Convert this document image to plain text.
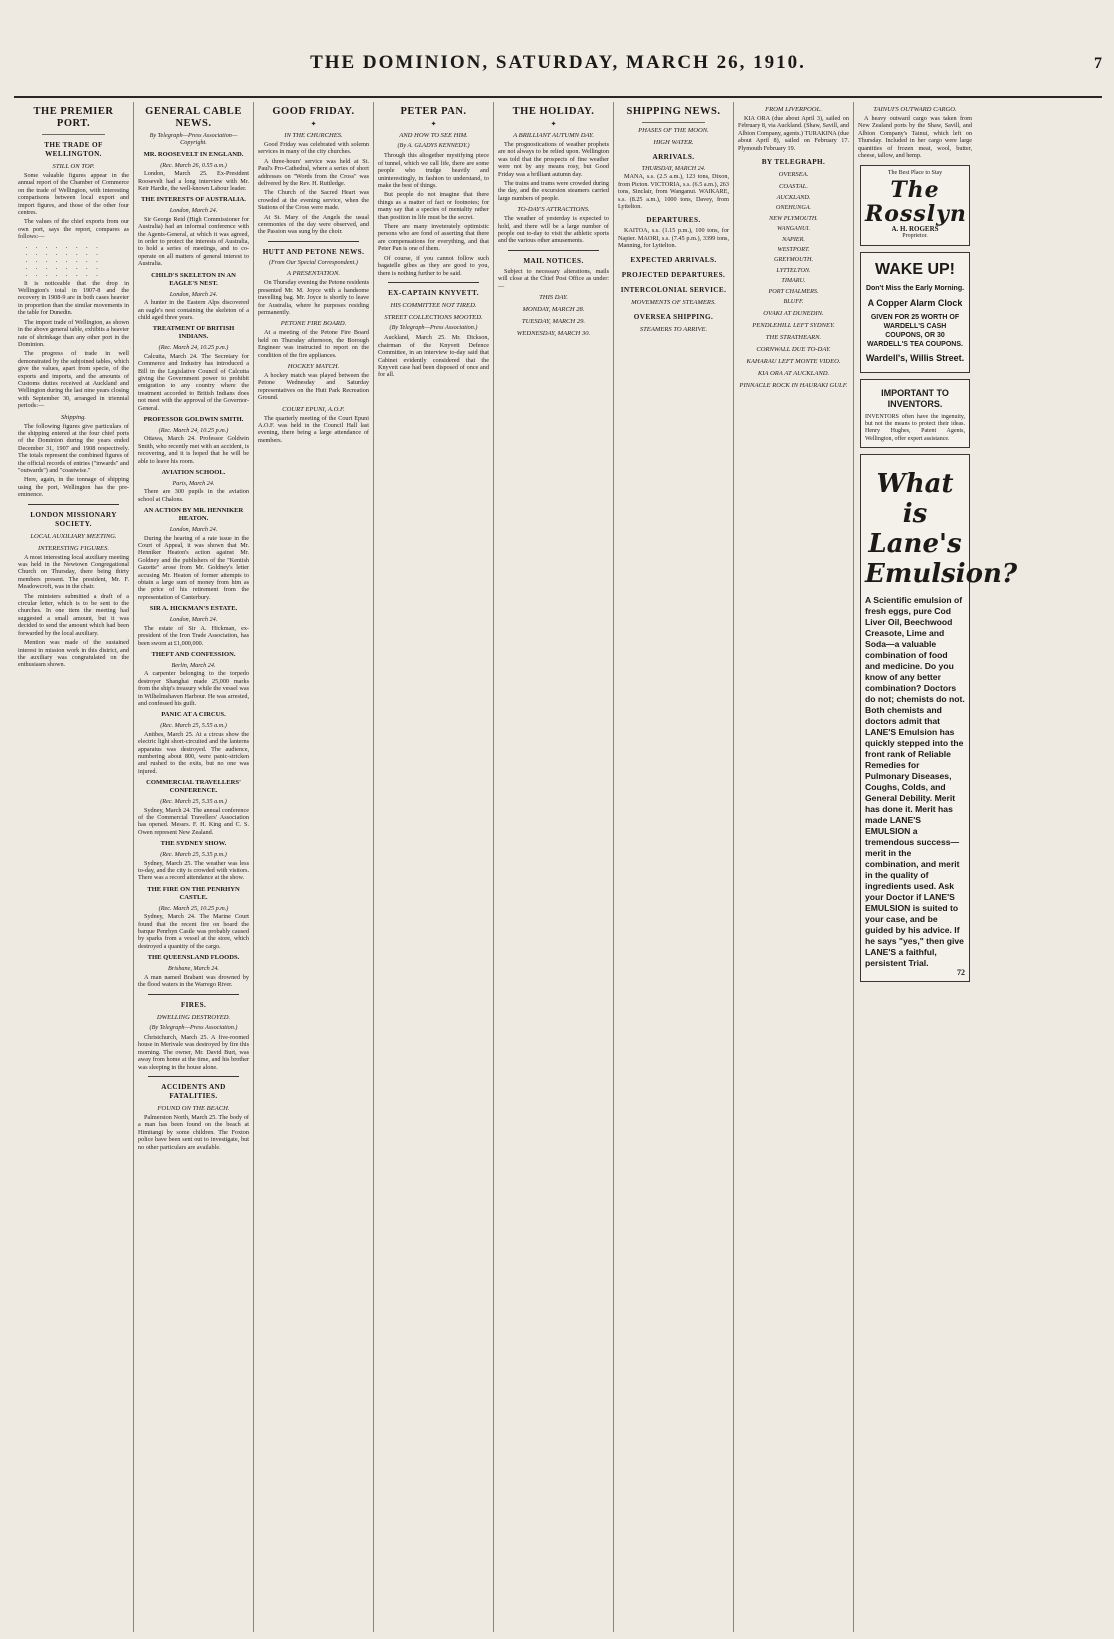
THE DOMINION, SATURDAY, MARCH 26, 1910.	7
THE PREMIER PORT.
THE TRADE OF WELLINGTON.
STILL ON TOP.

Some valuable figures appear in the annual report of the Chamber of Commerce on the trade of Wellington, with interesting comparisons between local export and import figures, and those of the other four centres.

The values of the chief exports from our own port, says the report, compares as follows:—

.  .  .  .  .  .  .  .
.  .  .  .  .  .  .  .
.  .  .  .  .  .  .  .
.  .  .  .  .  .  .  .
.  .  .  .  .  .  .  .

It is noticeable that the drop in Wellington's total in 1907-8 and the recovery in 1908-9 are in both cases heavier in proportion than the similar movements in the table for Dunedin.

The import trade of Wellington, as shown in the above general table, exhibits a heavier rate of shrinkage than any other port in the Dominion.

The progress of trade in well demonstrated by the subjoined tables, which give the values, apart from specie, of the exports and imports, and the amounts of Customs duties received at Auckland and Wellington during the last nine years closing with September 30, arranged in triennial periods:—

Shipping.

The following figures give particulars of the shipping entered at the four chief ports of the Dominion during the years ended December 31, 1907 and 1908 respectively. The totals represent the combined figures of the official records of entries ("inwards" and "outwards") and "coastwise."

Here, again, in the tonnage of shipping using the port, Wellington has the pre-eminence.

LONDON MISSIONARY SOCIETY.
LOCAL AUXILIARY MEETING.
INTERESTING FIGURES.

A most interesting local auxiliary meeting was held in the Newtown Congregational Church on Thursday, there being thirty members present. The president, Mr. F. Meadowcroft, was in the chair.

The ministers submitted a draft of a circular letter, which is to be sent to the churches. In one item the meeting had suggested a small amount, but it was decided to send the amount which had been forwarded by the local auxiliary.

Mention was made of the sustained interest in mission work in this district, and the auxiliary was congratulated on the enthusiasm shown.

GENERAL CABLE NEWS.
By Telegraph—Press Association—Copyright.
MR. ROOSEVELT IN ENGLAND.
(Rec. March 26, 0.55 a.m.)

London, March 25. Ex-President Roosevelt had a long interview with Mr. Keir Hardie, the well-known Labour leader.

THE INTERESTS OF AUSTRALIA.
London, March 24.

Sir George Reid (High Commissioner for Australia) had an informal conference with the Agents-General, at which it was agreed, in order to protect the interests of Australia, to hold a series of meetings, and to co-operate on all matters of general interest to Australia.

CHILD'S SKELETON IN AN EAGLE'S NEST.
London, March 24.

A hunter in the Eastern Alps discovered an eagle's nest containing the skeleton of a child aged three years.

TREATMENT OF BRITISH INDIANS.
(Rec. March 24, 10.25 p.m.)

Calcutta, March 24. The Secretary for Commerce and Industry has introduced a Bill in the Legislative Council of Calcutta giving the Government power to prohibit emigration to any country where the treatment accorded to British Indians does not meet with the approval of the Governor-General.

PROFESSOR GOLDWIN SMITH.
(Rec. March 24, 10.25 p.m.)

Ottawa, March 24. Professor Goldwin Smith, who recently met with an accident, is recovering, and it is hoped that he will be able to leave his room.

AVIATION SCHOOL.
Paris, March 24.

There are 300 pupils in the aviation school at Chalons.

AN ACTION BY MR. HENNIKER HEATON.
London, March 24.

During the hearing of a rate issue in the Court of Appeal, it was shown that Mr. Henniker Heaton's action against Mr. Goldney and the publishers of the "Kentish Gazette" arose from Mr. Goldney's letter accusing Mr. Heaton of former attempts to obtain a large sum of money from him as the price of his retirement from the representation of Canterbury.

SIR A. HICKMAN'S ESTATE.
London, March 24.

The estate of Sir A. Hickman, ex-president of the Iron Trade Association, has been sworn at £1,000,000.

THEFT AND CONFESSION.
Berlin, March 24.

A carpenter belonging to the torpedo destroyer Shanghai made 25,000 marks from the ship's treasury while the vessel was in Wilhelmshaven Harbour. He was arrested, and confessed his guilt.

PANIC AT A CIRCUS.
(Rec. March 25, 5.55 a.m.)

Antibes, March 25. At a circus show the electric light short-circuited and the lanterns apparatus was destroyed. The audience, numbering about 800, were panic-stricken and rushed to the exits, but no one was injured.

COMMERCIAL TRAVELLERS' CONFERENCE.
(Rec. March 25, 5.35 a.m.)

Sydney, March 24. The annual conference of the Commercial Travellers' Association has opened. Messrs. F. H. King and C. S. Owen represent New Zealand.

THE SYDNEY SHOW.
(Rec. March 25, 5.35 p.m.)

Sydney, March 25. The weather was less to-day, and the city is crowded with visitors. There was a record attendance at the show.

THE FIRE ON THE PENRHYN CASTLE.
(Rec. March 25, 10.25 p.m.)

Sydney, March 24. The Marine Court found that the recent fire on board the barque Penrhyn Castle was probably caused by sparks from a vessel at the store, which destroyed a quantity of the cargo.

THE QUEENSLAND FLOODS.
Brisbane, March 24.

A man named Brabant was drowned by the flood waters in the Warrego River.

FIRES.
DWELLING DESTROYED.
(By Telegraph—Press Association.)

Christchurch, March 25. A five-roomed house in Merivale was destroyed by fire this morning. The owner, Mr. David Burt, was away from home at the time, and his brother was sleeping in the house alone.

ACCIDENTS AND FATALITIES.
FOUND ON THE BEACH.

Palmerston North, March 25. The body of a man has been found on the beach at Himitangi by some children. The Foxton police have been sent out to investigate, but no other particulars are available.

GOOD FRIDAY.
✦
IN THE CHURCHES.

Good Friday was celebrated with solemn services in many of the city churches.

A three-hours' service was held at St. Paul's Pro-Cathedral, where a series of short addresses on "Words from the Cross" was delivered by the Rev. H. Ruttledge.

The Church of the Sacred Heart was crowded at the evening service, when the Stations of the Cross were made.

At St. Mary of the Angels the usual ceremonies of the day were observed, and the Passion was sung by the choir.

HUTT AND PETONE NEWS.
(From Our Special Correspondent.)
A PRESENTATION.

On Thursday evening the Petone residents presented Mr. M. Joyce with a handsome travelling bag. Mr. Joyce is shortly to leave for Australia, where he purposes residing permanently.

PETONE FIRE BOARD.

At a meeting of the Petone Fire Board held on Thursday afternoon, the Borough Engineer was instructed to report on the condition of the fire appliances.

HOCKEY MATCH.

A hockey match was played between the Petone Wednesday and Saturday representatives on the Hutt Park Recreation Ground.

COURT EPUNI, A.O.F.

The quarterly meeting of the Court Epuni A.O.F. was held in the Council Hall last evening, there being a large attendance of members.

PETER PAN.
✦
AND HOW TO SEE HIM.
(By A. GLADYS KENNEDY.)

Through this altogether mystifying piece of tunnel, which we call life, there are some people who trudge heavily and uninterestingly, in fashion to understand, to make the best of things.

But people do not imagine that there things as a matter of fact or footnotes; for many say that a species of mentality rather than position in life must be the secret.

There are many inveterately optimistic persons who are fond of asserting that there are compensations for everything, and that Peter Pan is one of them.

Of course, if you cannot follow such bagatelle gibes as they are good to you, there is nothing further to be said.

EX-CAPTAIN KNYVETT.
HIS COMMITTEE NOT TIRED.
STREET COLLECTIONS MOOTED.
(By Telegraph—Press Association.)

Auckland, March 25. Mr. Dickson, chairman of the Knyvett Defence Committee, in an interview to-day said that Cabinet evidently considered that the Knyvett case had been disposed of once and for all.

THE HOLIDAY.
✦
A BRILLIANT AUTUMN DAY.

The prognostications of weather prophets are not always to be relied upon. Wellington was told that the prospects of fine weather were not by any means rosy, but Good Friday was a brilliant autumn day.

The trains and trams were crowded during the day, and the excursion steamers carried large numbers of people.

TO-DAY'S ATTRACTIONS.

The weather of yesterday is expected to hold, and there will be a large number of people out to-day to visit the athletic sports and the various other amusements.

MAIL NOTICES.

Subject to necessary alterations, mails will close at the Chief Post Office as under:—

THIS DAY.
MONDAY, MARCH 28.
TUESDAY, MARCH 29.
WEDNESDAY, MARCH 30.
SHIPPING NEWS.
PHASES OF THE MOON.
HIGH WATER.
ARRIVALS.
THURSDAY, MARCH 24.

MANA, s.s. (2.5 a.m.), 123 tons, Dixon, from Picton. VICTORIA, s.s. (6.5 a.m.), 263 tons, Sinclair, from Wanganui. WAIKARE, s.s. (8.25 a.m.), 1000 tons, Davey, from Lyttelton.

DEPARTURES.

KAITOA, s.s. (1.15 p.m.), 100 tons, for Napier. MAORI, s.s. (7.45 p.m.), 3399 tons, Manning, for Lyttelton.

EXPECTED ARRIVALS.
PROJECTED DEPARTURES.
INTERCOLONIAL SERVICE.
MOVEMENTS OF STEAMERS.
OVERSEA SHIPPING.
STEAMERS TO ARRIVE.
FROM LIVERPOOL.

KIA ORA (due about April 3), sailed on February 8, via Auckland. (Shaw, Savill, and Albion Company, agents.) TURAKINA (due about April 8), sailed on February 17. Plymouth February 19.

BY TELEGRAPH.
OVERSEA.
COASTAL.
AUCKLAND.
ONEHUNGA.
NEW PLYMOUTH.
WANGANUI.
NAPIER.
WESTPORT.
GREYMOUTH.
LYTTELTON.
TIMARU.
PORT CHALMERS.
BLUFF.
OVAKI AT DUNEDIN.
PENDLEHILL LEFT SYDNEY.
THE STRATHEARN.
CORNWALL DUE TO-DAY.
KAHARAU LEFT MONTE VIDEO.
KIA ORA AT AUCKLAND.
PINNACLE ROCK IN HAURAKI GULF.
TAINUI'S OUTWARD CARGO.

A heavy outward cargo was taken from New Zealand ports by the Shaw, Savill, and Albion Company's Tainui, which left on Thursday. Included in her cargo were large quantities of frozen meat, wool, butter, cheese, tallow, and hemp.

The Best Place to Stay
The Rosslyn
A. H. ROGERS
Proprietor.
WAKE UP!
Don't Miss the Early Morning.
A Copper Alarm Clock
GIVEN FOR 25 WORTH OF WARDELL'S CASH COUPONS, OR 30 WARDELL'S TEA COUPONS.
Wardell's, Willis Street.
IMPORTANT TO INVENTORS.
INVENTORS often have the ingenuity, but not the means to protect their ideas. Henry Hughes, Patent Agents, Wellington, offer expert assistance.
What is Lane's Emulsion?
A Scientific emulsion of fresh eggs, pure Cod Liver Oil, Beechwood Creasote, Lime and Soda—a valuable combination of food and medicine. Do you know of any better combination? Doctors do not; chemists do not. Both chemists and doctors admit that LANE'S Emulsion has quickly stepped into the front rank of Reliable Remedies for Pulmonary Diseases, Coughs, Colds, and General Debility. Merit has done it. Merit has made LANE'S EMULSION a tremendous success—merit in the combination, and merit in the quality of ingredients used. Ask your Doctor if LANE'S EMULSION is suited to your case, and be guided by his advice. If he says "yes," then give LANE'S a faithful, persistent Trial.
72
